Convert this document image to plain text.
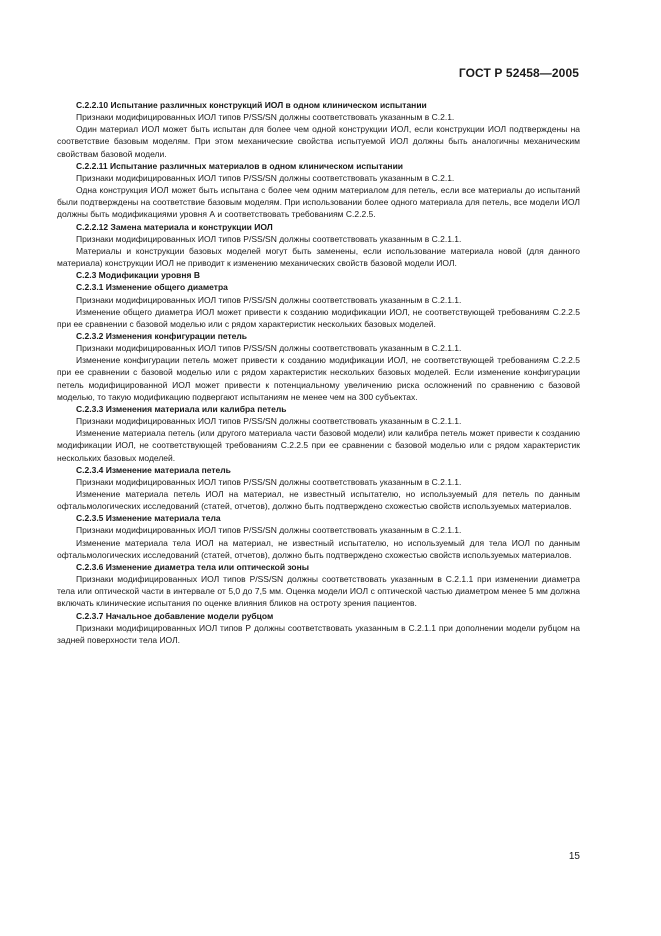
ГОСТ Р 52458—2005
С.2.2.10 Испытание различных конструкций ИОЛ в одном клиническом испытании
Признаки модифицированных ИОЛ типов P/SS/SN должны соответствовать указанным в С.2.1.
Один материал ИОЛ может быть испытан для более чем одной конструкции ИОЛ, если конструкции ИОЛ подтверждены на соответствие базовым моделям. При этом механические свойства испытуемой ИОЛ должны быть аналогичны механическим свойствам базовой модели.
С.2.2.11 Испытание различных материалов в одном клиническом испытании
Признаки модифицированных ИОЛ типов P/SS/SN должны соответствовать указанным в С.2.1.
Одна конструкция ИОЛ может быть испытана с более чем одним материалом для петель, если все материалы до испытаний были подтверждены на соответствие базовым моделям. При использовании более одного материала для петель, все модели ИОЛ должны быть модификациями уровня А и соответствовать требованиям С.2.2.5.
С.2.2.12 Замена материала и конструкции ИОЛ
Признаки модифицированных ИОЛ типов P/SS/SN должны соответствовать указанным в С.2.1.1.
Материалы и конструкции базовых моделей могут быть заменены, если использование материала новой (для данного материала) конструкции ИОЛ не приводит к изменению механических свойств базовой модели ИОЛ.
С.2.3 Модификации уровня В
С.2.3.1 Изменение общего диаметра
Признаки модифицированных ИОЛ типов P/SS/SN должны соответствовать указанным в С.2.1.1.
Изменение общего диаметра ИОЛ может привести к созданию модификации ИОЛ, не соответствующей требованиям С.2.2.5 при ее сравнении с базовой моделью или с рядом характеристик нескольких базовых моделей.
С.2.3.2 Изменения конфигурации петель
Признаки модифицированных ИОЛ типов P/SS/SN должны соответствовать указанным в С.2.1.1.
Изменение конфигурации петель может привести к созданию модификации ИОЛ, не соответствующей требованиям С.2.2.5 при ее сравнении с базовой моделью или с рядом характеристик нескольких базовых моделей. Если изменение конфигурации петель модифицированной ИОЛ может привести к потенциальному увеличению риска осложнений по сравнению с базовой моделью, то такую модификацию подвергают испытаниям не менее чем на 300 субъектах.
С.2.3.3 Изменения материала или калибра петель
Признаки модифицированных ИОЛ типов P/SS/SN должны соответствовать указанным в С.2.1.1.
Изменение материала петель (или другого материала части базовой модели) или калибра петель может привести к созданию модификации ИОЛ, не соответствующей требованиям С.2.2.5 при ее сравнении с базовой моделью или с рядом характеристик нескольких базовых моделей.
С.2.3.4 Изменение материала петель
Признаки модифицированных ИОЛ типов P/SS/SN должны соответствовать указанным в С.2.1.1.
Изменение материала петель ИОЛ на материал, не известный испытателю, но используемый для петель по данным офтальмологических исследований (статей, отчетов), должно быть подтверждено схожестью свойств используемых материалов.
С.2.3.5 Изменение материала тела
Признаки модифицированных ИОЛ типов P/SS/SN должны соответствовать указанным в С.2.1.1.
Изменение материала тела ИОЛ на материал, не известный испытателю, но используемый для тела ИОЛ по данным офтальмологических исследований (статей, отчетов), должно быть подтверждено схожестью свойств используемых материалов.
С.2.3.6 Изменение диаметра тела или оптической зоны
Признаки модифицированных ИОЛ типов P/SS/SN должны соответствовать указанным в С.2.1.1 при изменении диаметра тела или оптической части в интервале от 5,0 до 7,5 мм. Оценка модели ИОЛ с оптической частью диаметром менее 5 мм должна включать клинические испытания по оценке влияния бликов на остроту зрения пациентов.
С.2.3.7 Начальное добавление модели рубцом
Признаки модифицированных ИОЛ типов Р должны соответствовать указанным в С.2.1.1 при дополнении модели рубцом на задней поверхности тела ИОЛ.
15
